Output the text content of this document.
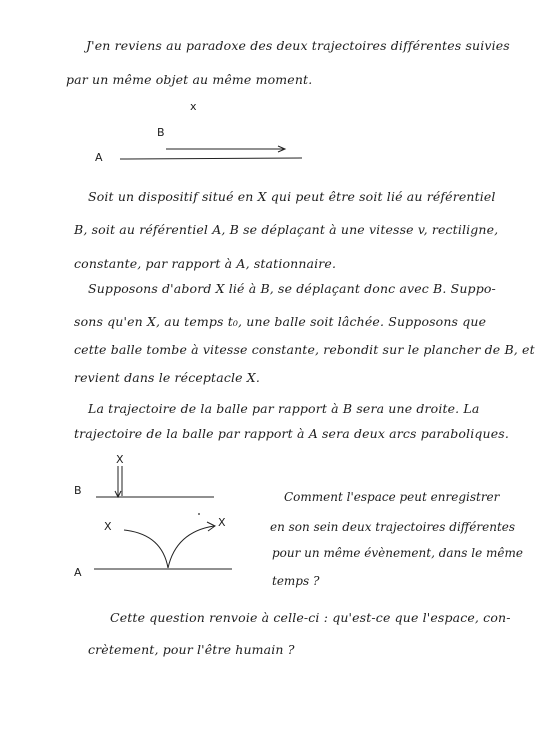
J'en reviens au paradoxe des deux trajectoires différentes suivies
par un même objet au même moment.
x
B
A
Soit un dispositif situé en X qui peut être soit lié au référentiel
B, soit au référentiel A, B se déplaçant à une vitesse v, rectiligne,
constante, par rapport à A, stationnaire.
Supposons d'abord X lié à B, se déplaçant donc avec B. Suppo-
sons qu'en X, au temps t₀, une balle soit lâchée. Supposons que
cette balle tombe à vitesse constante, rebondit sur le plancher de B, et
revient dans le réceptacle X.
La trajectoire de la balle par rapport à B sera une droite. La
trajectoire de la balle par rapport à A sera deux arcs paraboliques.
X
B
X	X
A
Comment l'espace peut enregistrer
en son sein deux trajectoires différentes
pour un même évènement, dans le même
temps ?
Cette question renvoie à celle-ci : qu'est-ce que l'espace, con-
crètement, pour l'être humain ?
